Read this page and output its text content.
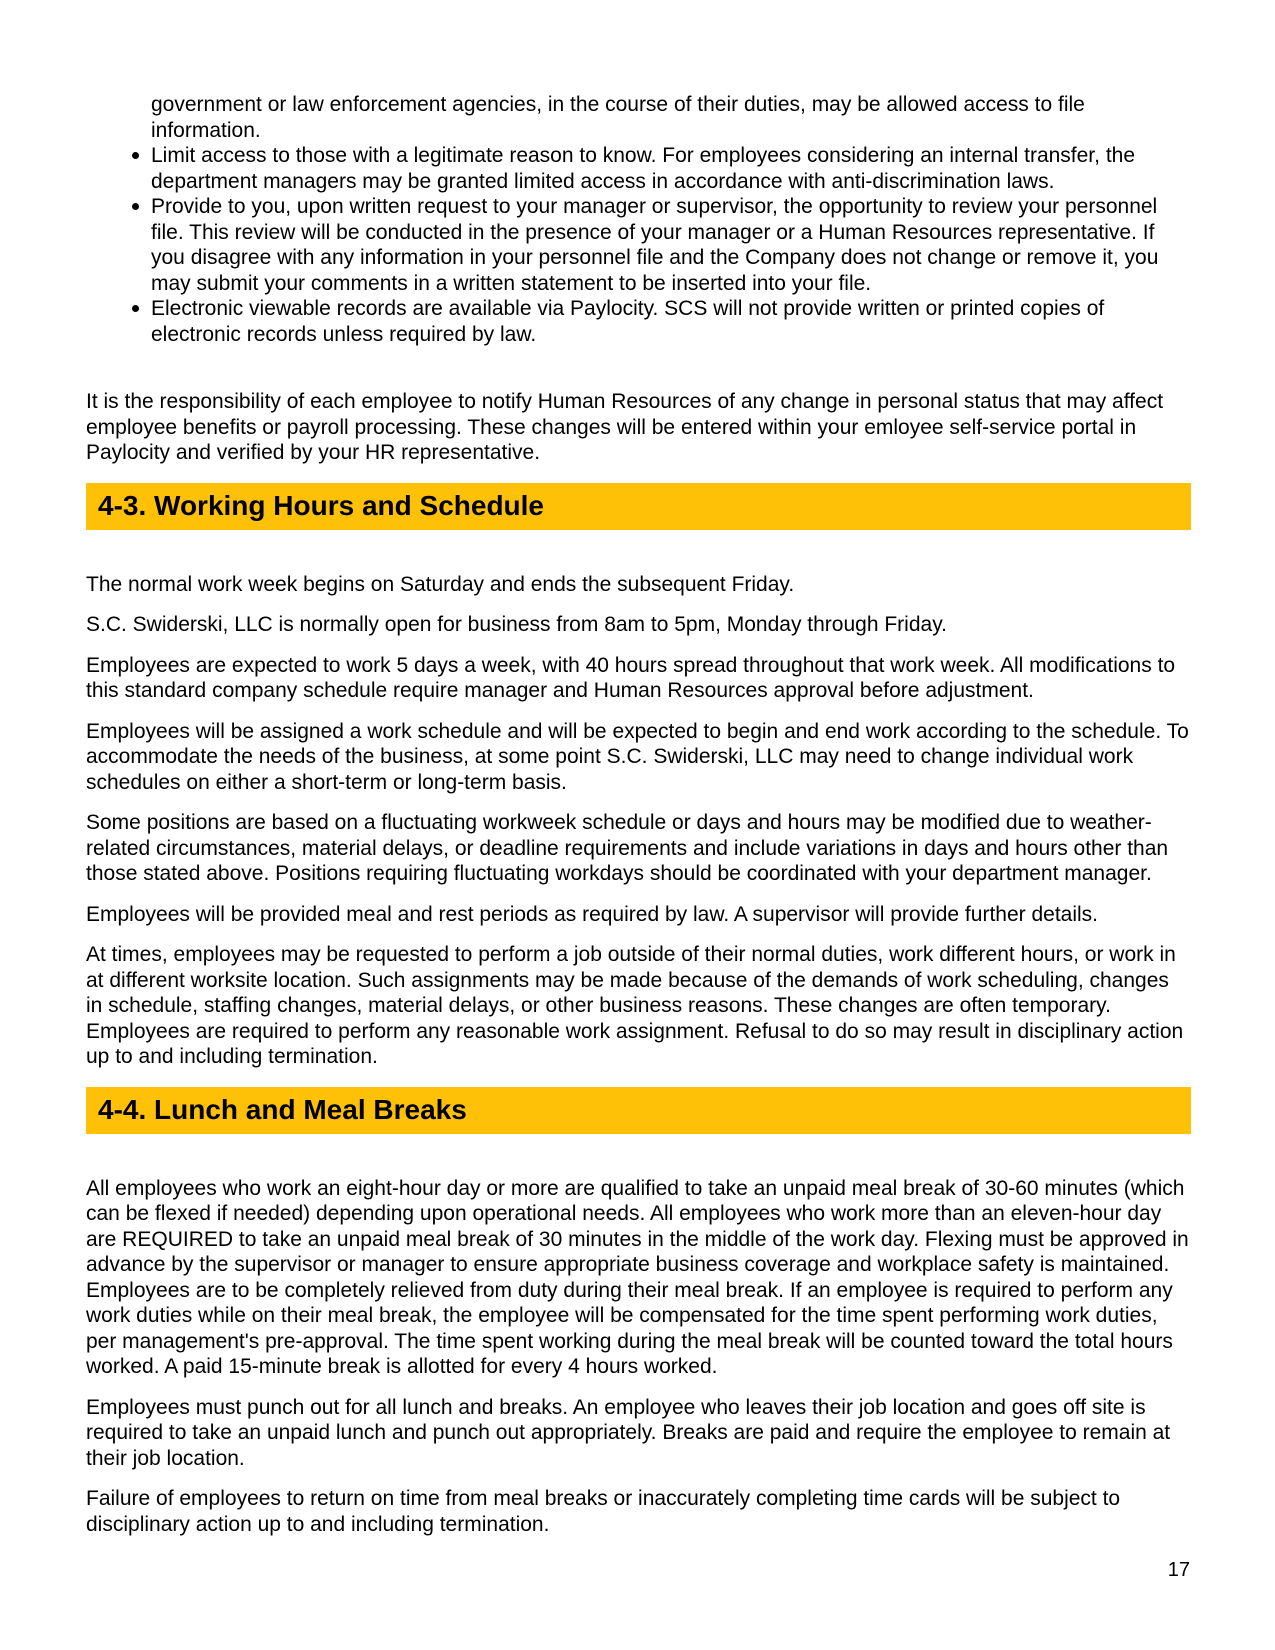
government or law enforcement agencies, in the course of their duties, may be allowed access to file information.
Limit access to those with a legitimate reason to know. For employees considering an internal transfer, the department managers may be granted limited access in accordance with anti-discrimination laws.
Provide to you, upon written request to your manager or supervisor, the opportunity to review your personnel file. This review will be conducted in the presence of your manager or a Human Resources representative. If you disagree with any information in your personnel file and the Company does not change or remove it, you may submit your comments in a written statement to be inserted into your file.
Electronic viewable records are available via Paylocity. SCS will not provide written or printed copies of electronic records unless required by law.

It is the responsibility of each employee to notify Human Resources of any change in personal status that may affect employee benefits or payroll processing. These changes will be entered within your emloyee self-service portal in Paylocity and verified by your HR representative.

4-3. Working Hours and Schedule

The normal work week begins on Saturday and ends the subsequent Friday.

S.C. Swiderski, LLC is normally open for business from 8am to 5pm, Monday through Friday.

Employees are expected to work 5 days a week, with 40 hours spread throughout that work week. All modifications to this standard company schedule require manager and Human Resources approval before adjustment.

Employees will be assigned a work schedule and will be expected to begin and end work according to the schedule. To accommodate the needs of the business, at some point S.C. Swiderski, LLC may need to change individual work schedules on either a short-term or long-term basis.

Some positions are based on a fluctuating workweek schedule or days and hours may be modified due to weather-related circumstances, material delays, or deadline requirements and include variations in days and hours other than those stated above. Positions requiring fluctuating workdays should be coordinated with your department manager.

Employees will be provided meal and rest periods as required by law. A supervisor will provide further details.

At times, employees may be requested to perform a job outside of their normal duties, work different hours, or work in at different worksite location. Such assignments may be made because of the demands of work scheduling, changes in schedule, staffing changes, material delays, or other business reasons. These changes are often temporary. Employees are required to perform any reasonable work assignment. Refusal to do so may result in disciplinary action up to and including termination.

4-4. Lunch and Meal Breaks

All employees who work an eight-hour day or more are qualified to take an unpaid meal break of 30-60 minutes (which can be flexed if needed) depending upon operational needs. All employees who work more than an eleven-hour day are REQUIRED to take an unpaid meal break of 30 minutes in the middle of the work day. Flexing must be approved in advance by the supervisor or manager to ensure appropriate business coverage and workplace safety is maintained. Employees are to be completely relieved from duty during their meal break. If an employee is required to perform any work duties while on their meal break, the employee will be compensated for the time spent performing work duties, per management's pre-approval. The time spent working during the meal break will be counted toward the total hours worked. A paid 15-minute break is allotted for every 4 hours worked.

Employees must punch out for all lunch and breaks. An employee who leaves their job location and goes off site is required to take an unpaid lunch and punch out appropriately. Breaks are paid and require the employee to remain at their job location.

Failure of employees to return on time from meal breaks or inaccurately completing time cards will be subject to disciplinary action up to and including termination.

17
